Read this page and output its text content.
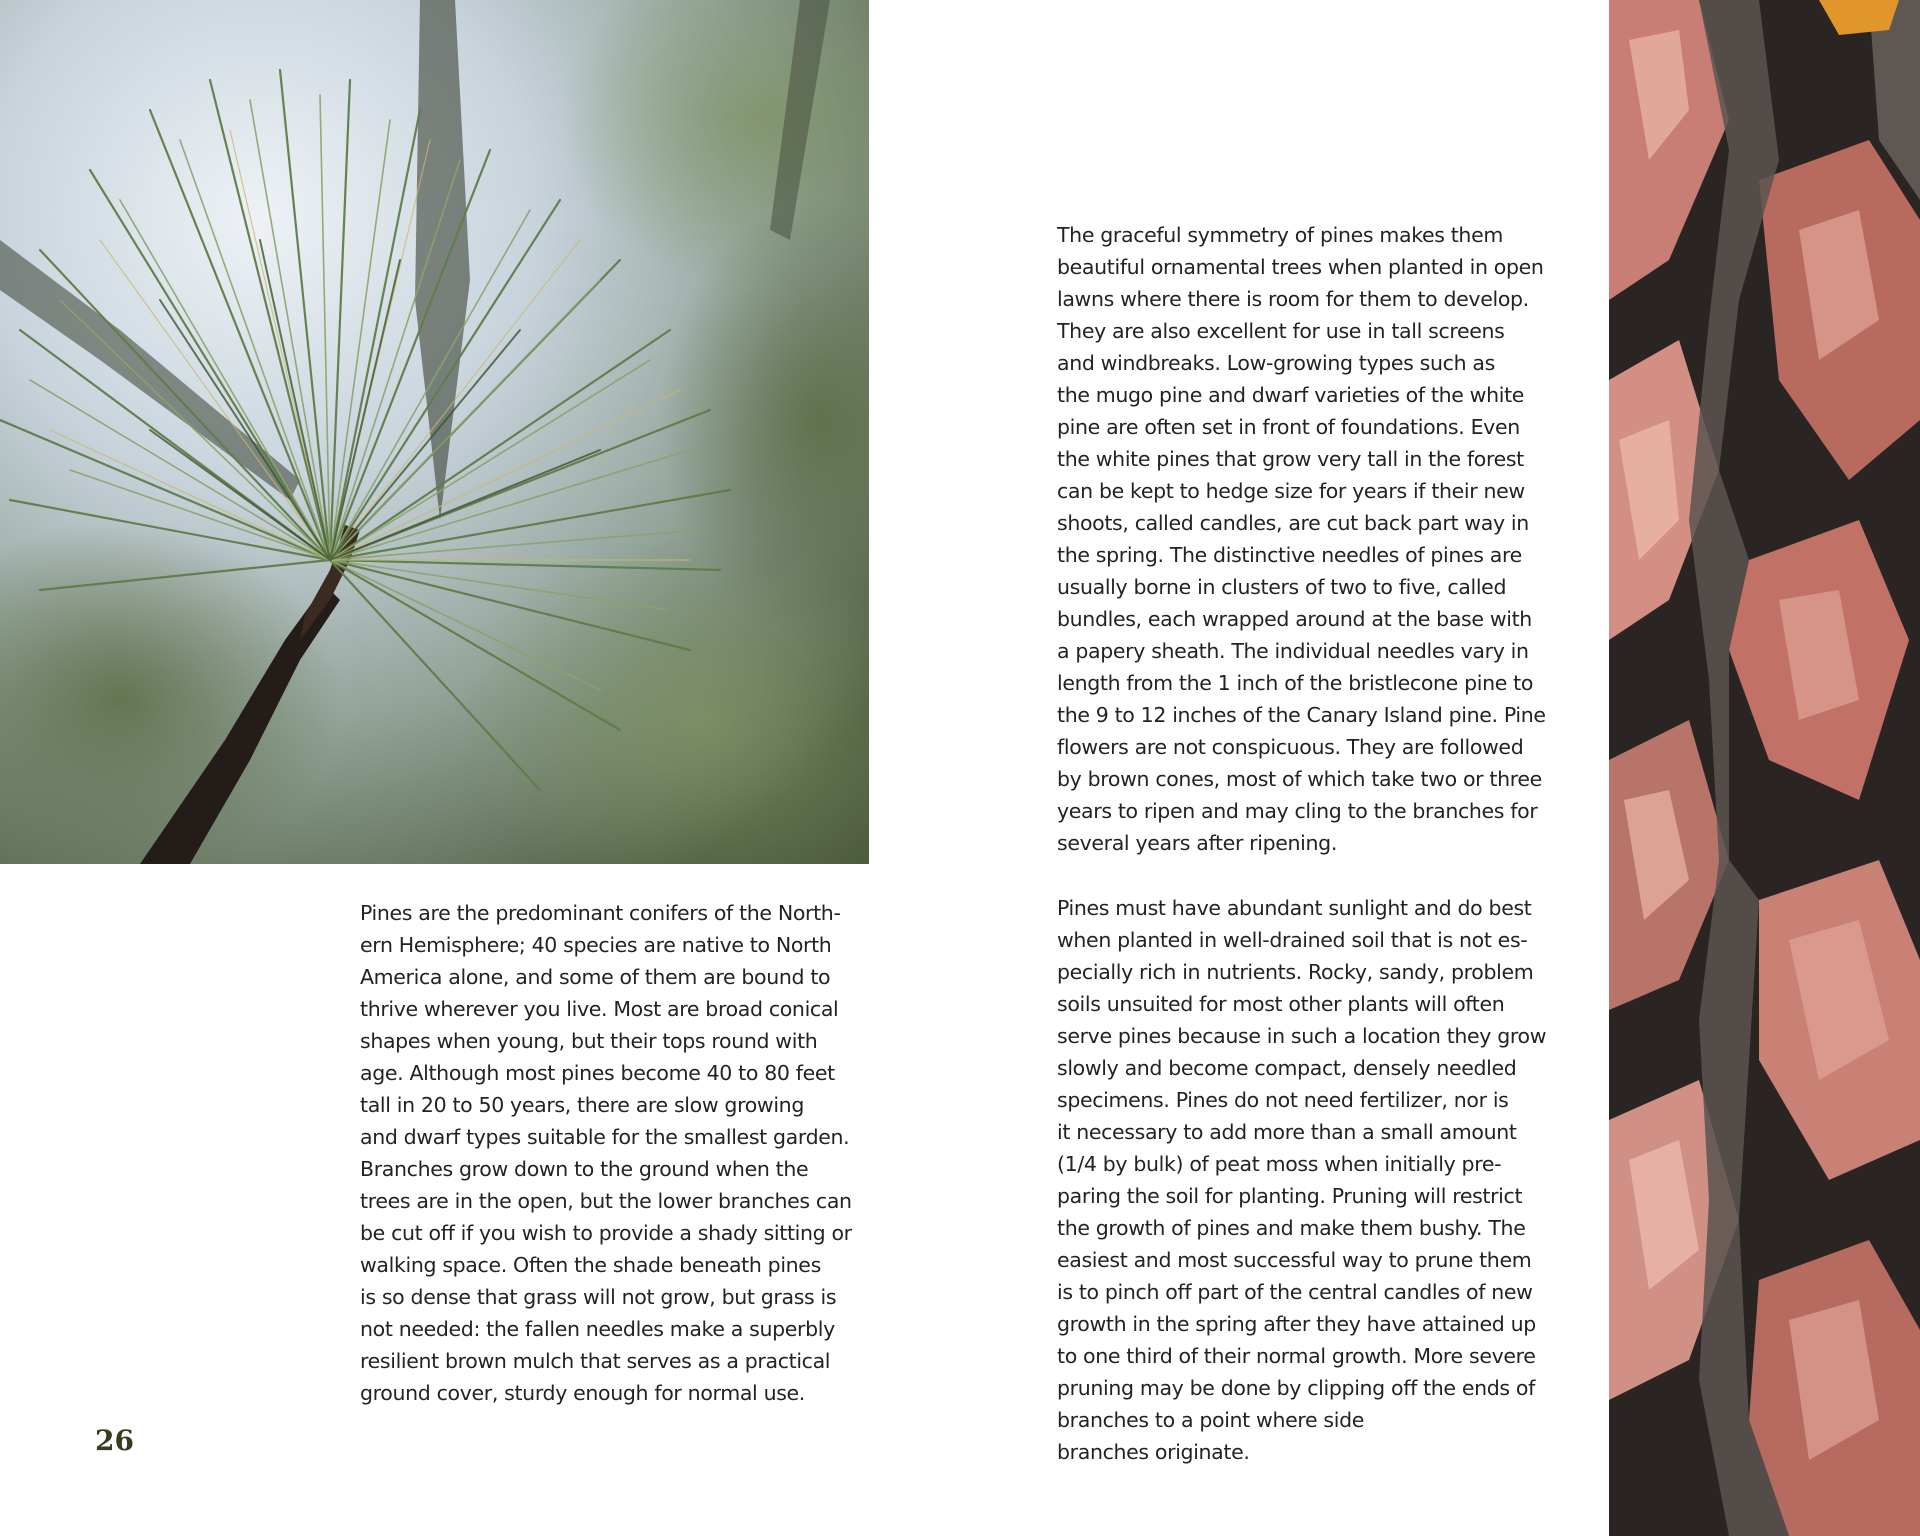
Pines are the predominant conifers of the North-
ern Hemisphere; 40 species are native to North
America alone, and some of them are bound to
thrive wherever you live. Most are broad conical
shapes when young, but their tops round with
age. Although most pines become 40 to 80 feet
tall in 20 to 50 years, there are slow growing
and dwarf types suitable for the smallest garden.
Branches grow down to the ground when the
trees are in the open, but the lower branches can
be cut off if you wish to provide a shady sitting or
walking space. Often the shade beneath pines
is so dense that grass will not grow, but grass is
not needed: the fallen needles make a superbly
resilient brown mulch that serves as a practical
ground cover, sturdy enough for normal use.

The graceful symmetry of pines makes them
beautiful ornamental trees when planted in open
lawns where there is room for them to develop.
They are also excellent for use in tall screens
and windbreaks. Low-growing types such as
the mugo pine and dwarf varieties of the white
pine are often set in front of foundations. Even
the white pines that grow very tall in the forest
can be kept to hedge size for years if their new
shoots, called candles, are cut back part way in
the spring. The distinctive needles of pines are
usually borne in clusters of two to five, called
bundles, each wrapped around at the base with
a papery sheath. The individual needles vary in
length from the 1 inch of the bristlecone pine to
the 9 to 12 inches of the Canary Island pine. Pine
flowers are not conspicuous. They are followed
by brown cones, most of which take two or three
years to ripen and may cling to the branches for
several years after ripening.

Pines must have abundant sunlight and do best
when planted in well-drained soil that is not es-
pecially rich in nutrients. Rocky, sandy, problem
soils unsuited for most other plants will often
serve pines because in such a location they grow
slowly and become compact, densely needled
specimens. Pines do not need fertilizer, nor is
it necessary to add more than a small amount
(1/4 by bulk) of peat moss when initially pre-
paring the soil for planting. Pruning will restrict
the growth of pines and make them bushy. The
easiest and most successful way to prune them
is to pinch off part of the central candles of new
growth in the spring after they have attained up
to one third of their normal growth. More severe
pruning may be done by clipping off the ends of
branches to a point where side
branches originate.

26
